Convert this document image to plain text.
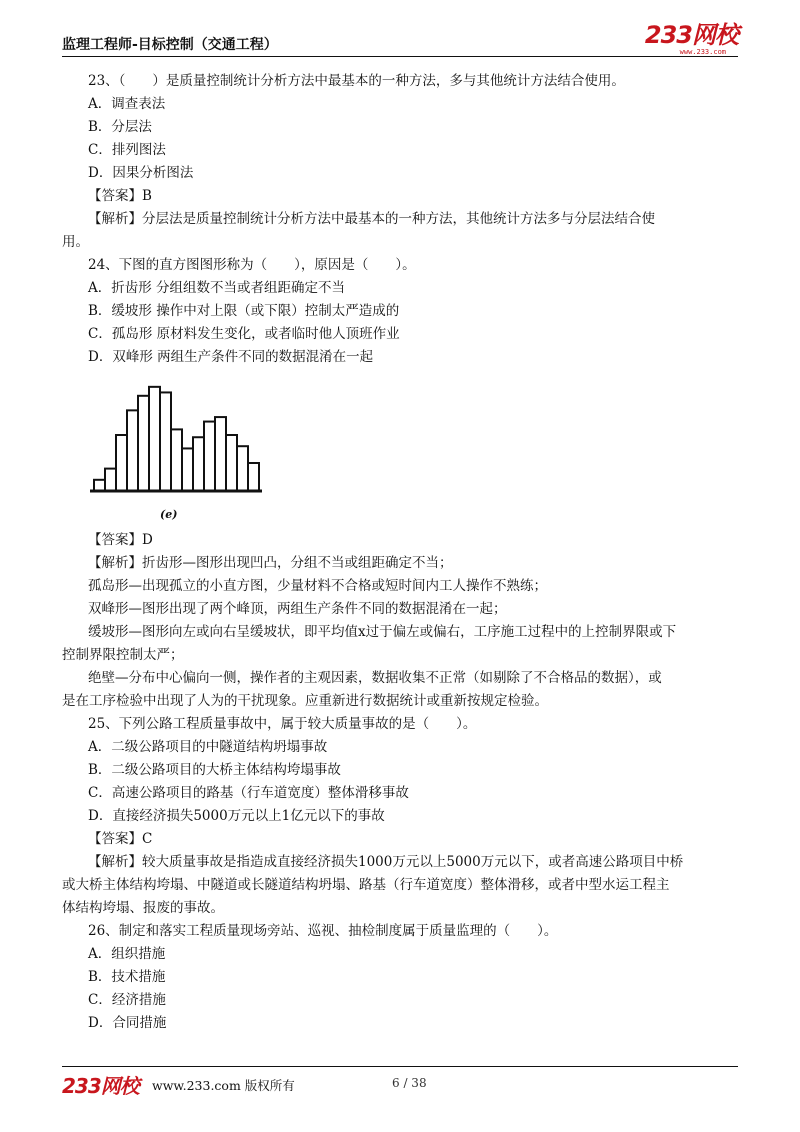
监理工程师-目标控制（交通工程）	233网校
www.233.com
23、（　　）是质量控制统计分析方法中最基本的一种方法，多与其他统计方法结合使用。
A．调查表法
B．分层法
C．排列图法
D．因果分析图法
【答案】B
【解析】分层法是质量控制统计分析方法中最基本的一种方法，其他统计方法多与分层法结合使
用。
24、下图的直方图图形称为（　　），原因是（　　）。
A．折齿形 分组组数不当或者组距确定不当
B．缓坡形 操作中对上限（或下限）控制太严造成的
C．孤岛形 原材料发生变化，或者临时他人顶班作业
D．双峰形 两组生产条件不同的数据混淆在一起
(e)
【答案】D
【解析】折齿形—图形出现凹凸，分组不当或组距确定不当；
孤岛形—出现孤立的小直方图，少量材料不合格或短时间内工人操作不熟练；
双峰形—图形出现了两个峰顶，两组生产条件不同的数据混淆在一起；
缓坡形—图形向左或向右呈缓坡状，即平均值x过于偏左或偏右，工序施工过程中的上控制界限或下
控制界限控制太严；
绝壁—分布中心偏向一侧，操作者的主观因素，数据收集不正常（如剔除了不合格品的数据），或
是在工序检验中出现了人为的干扰现象。应重新进行数据统计或重新按规定检验。
25、下列公路工程质量事故中，属于较大质量事故的是（　　）。
A．二级公路项目的中隧道结构坍塌事故
B．二级公路项目的大桥主体结构垮塌事故
C．高速公路项目的路基（行车道宽度）整体滑移事故
D．直接经济损失5000万元以上1亿元以下的事故
【答案】C
【解析】较大质量事故是指造成直接经济损失1000万元以上5000万元以下，或者高速公路项目中桥
或大桥主体结构垮塌、中隧道或长隧道结构坍塌、路基（行车道宽度）整体滑移，或者中型水运工程主
体结构垮塌、报废的事故。
26、制定和落实工程质量现场旁站、巡视、抽检制度属于质量监理的（　　）。
A．组织措施
B．技术措施
C．经济措施
D．合同措施
233网校 www.233.com 版权所有	6 / 38
